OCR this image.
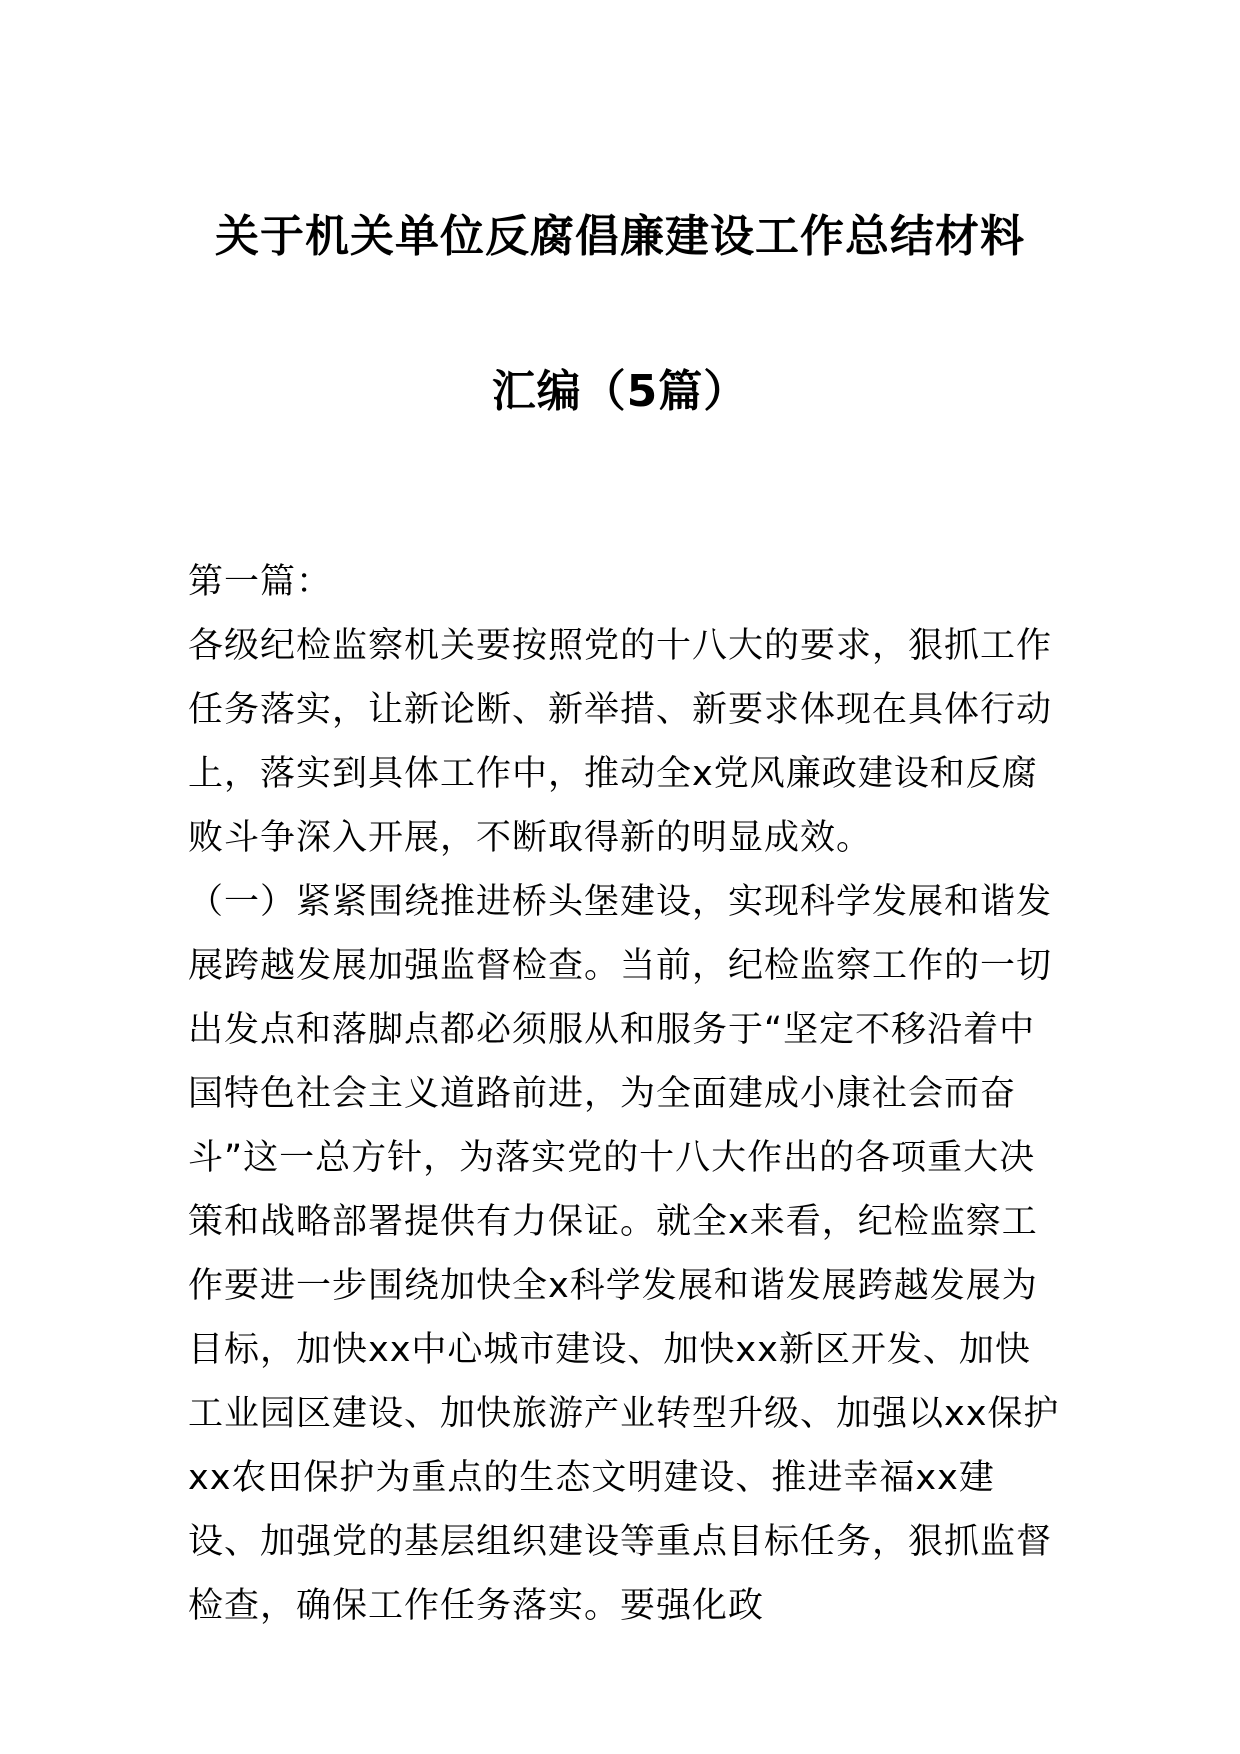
关于机关单位反腐倡廉建设工作总结材料
汇编（5篇）

第一篇：

各级纪检监察机关要按照党的十八大的要求，狠抓工作任务落实，让新论断、新举措、新要求体现在具体行动上，落实到具体工作中，推动全x党风廉政建设和反腐败斗争深入开展，不断取得新的明显成效。

（一）紧紧围绕推进桥头堡建设，实现科学发展和谐发展跨越发展加强监督检查。当前，纪检监察工作的一切出发点和落脚点都必须服从和服务于“坚定不移沿着中国特色社会主义道路前进，为全面建成小康社会而奋斗”这一总方针，为落实党的十八大作出的各项重大决策和战略部署提供有力保证。就全x来看，纪检监察工作要进一步围绕加快全x科学发展和谐发展跨越发展为目标，加快xx中心城市建设、加快xx新区开发、加快工业园区建设、加快旅游产业转型升级、加强以xx保护xx农田保护为重点的生态文明建设、推进幸福xx建设、加强党的基层组织建设等重点目标任务，狠抓监督检查，确保工作任务落实。要强化政
